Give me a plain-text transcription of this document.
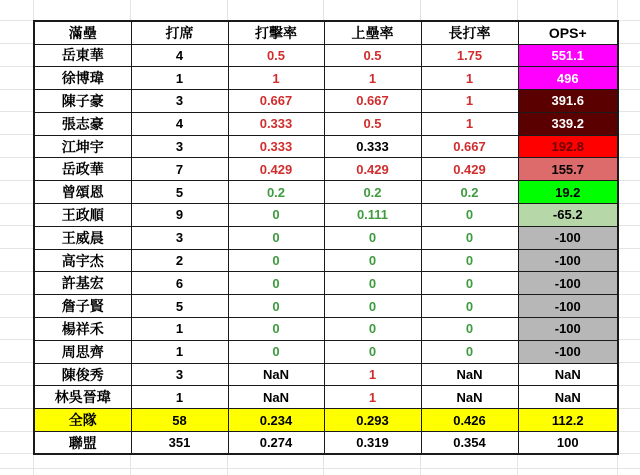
滿壘	打席	打擊率	上壘率	長打率	OPS+
岳東華	4	0.5	0.5	1.75	551.1
徐博瑋	1	1	1	1	496
陳子豪	3	0.667	0.667	1	391.6
張志豪	4	0.333	0.5	1	339.2
江坤宇	3	0.333	0.333	0.667	192.8
岳政華	7	0.429	0.429	0.429	155.7
曾頌恩	5	0.2	0.2	0.2	19.2
王政順	9	0	0.111	0	-65.2
王威晨	3	0	0	0	-100
高宇杰	2	0	0	0	-100
許基宏	6	0	0	0	-100
詹子賢	5	0	0	0	-100
楊祥禾	1	0	0	0	-100
周思齊	1	0	0	0	-100
陳俊秀	3	NaN	1	NaN	NaN
林吳晉瑋	1	NaN	1	NaN	NaN
全隊	58	0.234	0.293	0.426	112.2
聯盟	351	0.274	0.319	0.354	100
